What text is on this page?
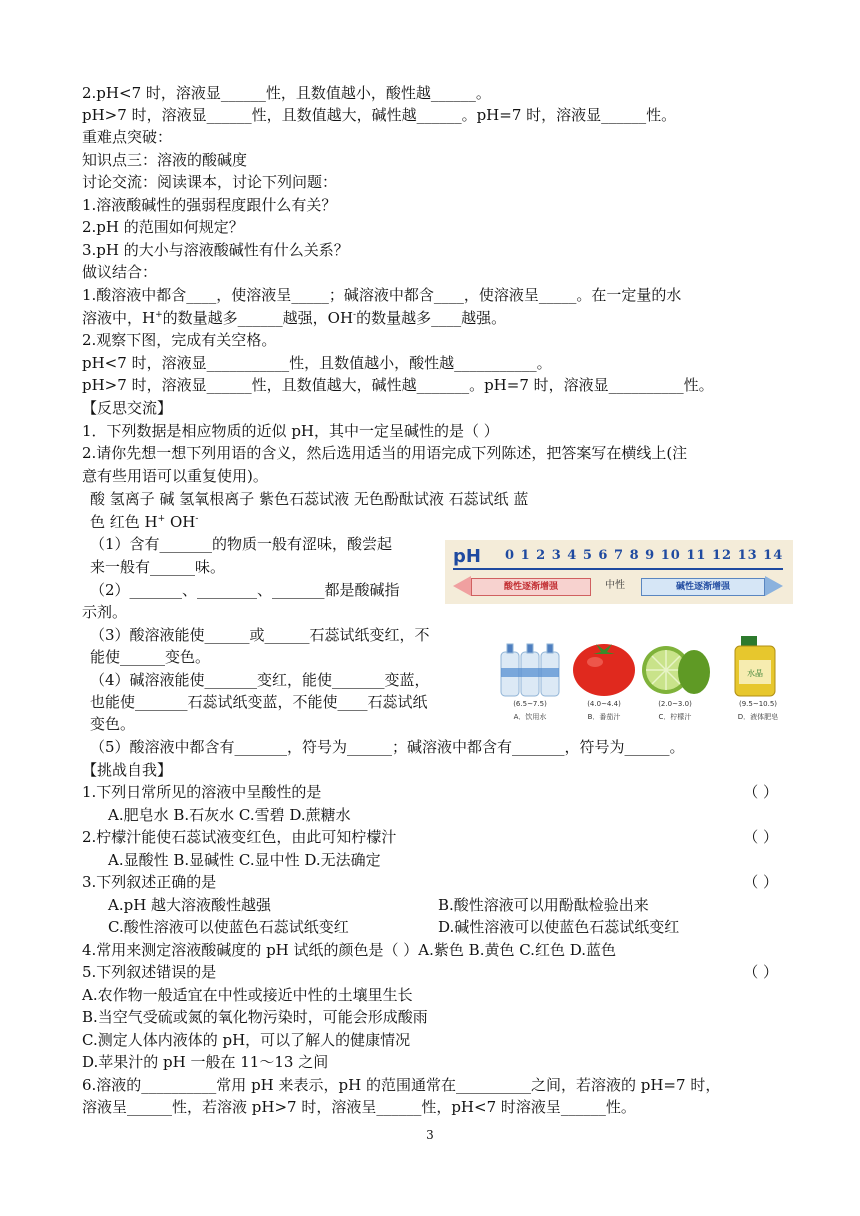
2.pH<7 时，溶液显______性，且数值越小，酸性越______。
pH>7 时，溶液显______性，且数值越大，碱性越______。pH=7 时，溶液显______性。
重难点突破：
知识点三：溶液的酸碱度
讨论交流：阅读课本，讨论下列问题：
1.溶液酸碱性的强弱程度跟什么有关？
2.pH 的范围如何规定？
3.pH 的大小与溶液酸碱性有什么关系？
做议结合：
1.酸溶液中都含____，使溶液呈_____；碱溶液中都含____，使溶液呈_____。在一定量的水
溶液中，H+的数量越多______越强，OH-的数量越多____越强。
2.观察下图，完成有关空格。
pH<7 时，溶液显___________性，且数值越小，酸性越___________。
pH>7 时，溶液显______性，且数值越大，碱性越_______。pH=7 时，溶液显__________性。
【反思交流】
1．下列数据是相应物质的近似 pH，其中一定呈碱性的是（ ）
2.请你先想一想下列用语的含义，然后选用适当的用语完成下列陈述，把答案写在横线上(注
意有些用语可以重复使用)。
酸 氢离子 碱 氢氧根离子 紫色石蕊试液 无色酚酞试液 石蕊试纸 蓝
色 红色 H+ OH-
（1）含有_______的物质一般有涩味，酸尝起
来一般有______味。
（2）_______、________、_______都是酸碱指
示剂。
（3）酸溶液能使______或______石蕊试纸变红，不
能使______变色。
（4）碱溶液能使_______变红，能使_______变蓝，
也能使_______石蕊试纸变蓝，不能使____石蕊试纸
变色。
（5）酸溶液中都含有_______，符号为______；碱溶液中都含有_______，符号为______。
【挑战自我】
1.下列日常所见的溶液中呈酸性的是	（ ）
A.肥皂水 B.石灰水 C.雪碧 D.蔗糖水
2.柠檬汁能使石蕊试液变红色，由此可知柠檬汁	（ ）
A.显酸性 B.显碱性 C.显中性 D.无法确定
3.下列叙述正确的是	（ ）
A.pH 越大溶液酸性越强	B.酸性溶液可以用酚酞检验出来
C.酸性溶液可以使蓝色石蕊试纸变红	D.碱性溶液可以使蓝色石蕊试纸变红
4.常用来测定溶液酸碱度的 pH 试纸的颜色是（ ）A.紫色 B.黄色 C.红色 D.蓝色
5.下列叙述错误的是	（ ）
A.农作物一般适宜在中性或接近中性的土壤里生长
B.当空气受硫或氮的氧化物污染时，可能会形成酸雨
C.测定人体内液体的 pH，可以了解人的健康情况
D.苹果汁的 pH 一般在 11～13 之间
6.溶液的__________常用 pH 来表示，pH 的范围通常在__________之间，若溶液的 pH=7 时，
溶液呈______性，若溶液 pH>7 时，溶液呈______性，pH<7 时溶液呈______性。
pH 0 1 2 3 4 5 6 7 8 9 10 11 12 13 14
酸性逐渐增强	中性	碱性逐渐增强
(6.5~7.5)
A．饮用水
(4.0~4.4)
B．番茄汁
(2.0~3.0)
C．柠檬汁
水晶
(9.5~10.5)
D．液体肥皂
3
